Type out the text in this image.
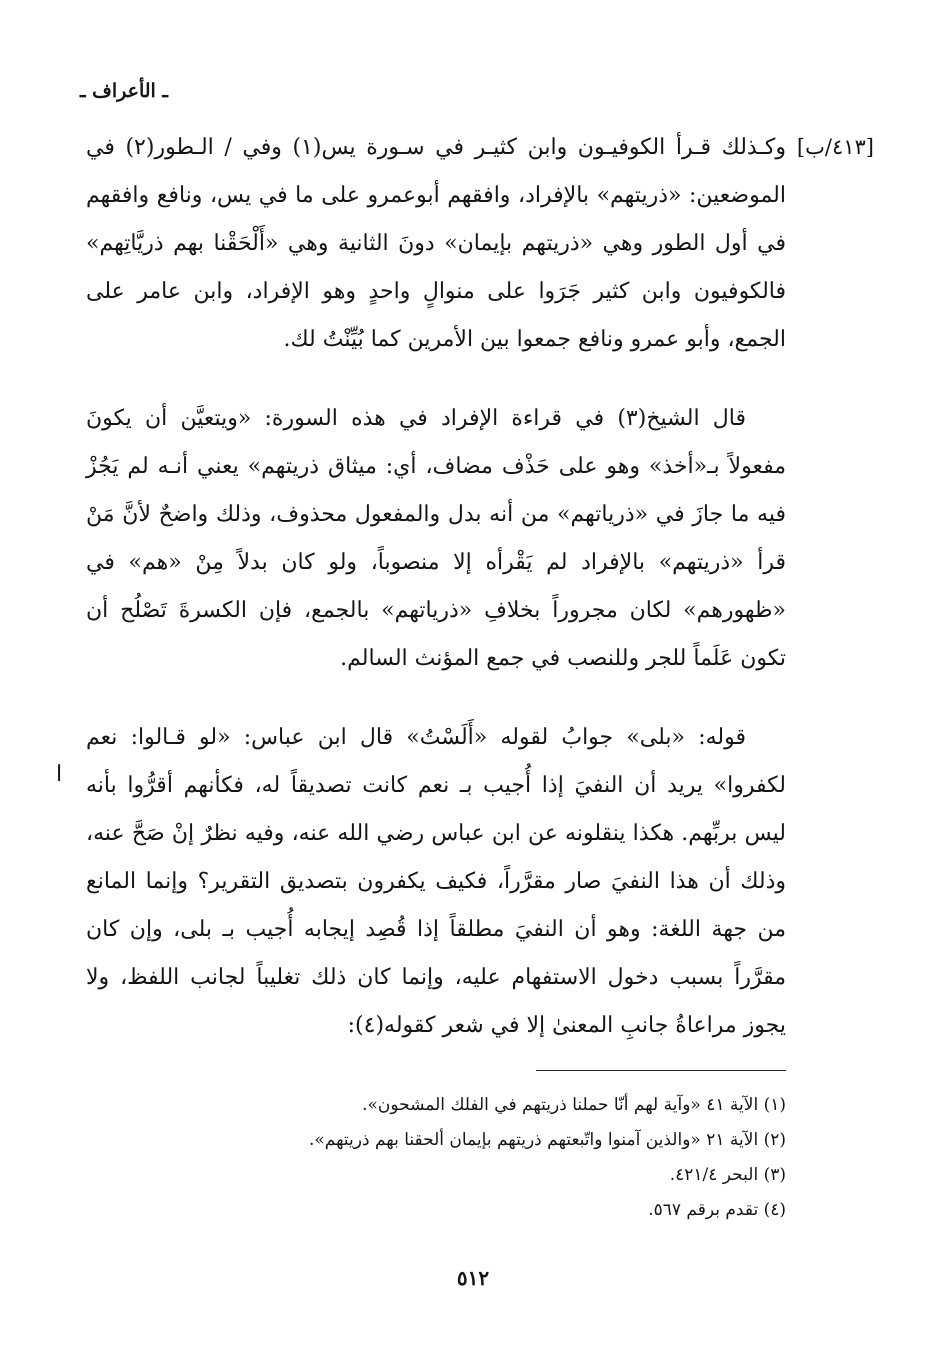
ـ الأعراف ـ
[٤١٣/ب]

وكـذلك قـرأ الكوفيـون وابن كثيـر في سـورة يس(١) وفي / الـطور(٢) في الموضعين: «ذريتهم» بالإفراد، وافقهم أبوعمرو على ما في يس، ونافع وافقهم في أول الطور وهي «ذريتهم بإيمان» دونَ الثانية وهي «أَلْحَقْنا بهم ذريَّاتِهم» فالكوفيون وابن كثير جَرَوا على منوالٍ واحدٍ وهو الإفراد، وابن عامر على الجمع، وأبو عمرو ونافع جمعوا بين الأمرين كما بُيِّنْتُ لك.

قال الشيخ(٣) في قراءة الإفراد في هذه السورة: «ويتعيَّن أن يكونَ مفعولاً بـ«أخذ» وهو على حَذْف مضاف، أي: ميثاق ذريتهم» يعني أنـه لم يَجُزْ فيه ما جازَ في «ذرياتهم» من أنه بدل والمفعول محذوف، وذلك واضحٌ لأنَّ مَنْ قرأ «ذريتهم» بالإفراد لم يَقْرأه إلا منصوباً، ولو كان بدلاً مِنْ «هم» في «ظهورهم» لكان مجروراً بخلافِ «ذرياتهم» بالجمع، فإن الكسرةَ تَصْلُح أن تكون عَلَماً للجر وللنصب في جمع المؤنث السالم.

قوله: «بلى» جوابُ لقوله «أَلَسْتُ» قال ابن عباس: «لو قـالوا: نعم لكفروا» يريد أن النفيَ إذا أُجيب بـ نعم كانت تصديقاً له، فكأنهم أقرُّوا بأنه ليس بربِّهم. هكذا ينقلونه عن ابن عباس رضي الله عنه، وفيه نظرٌ إنْ صَحَّ عنه، وذلك أن هذا النفيَ صار مقرَّراً، فكيف يكفرون بتصديق التقرير؟ وإنما المانع من جهة اللغة: وهو أن النفيَ مطلقاً إذا قُصِد إيجابه أُجيب بـ بلى، وإن كان مقرَّراً بسبب دخول الاستفهام عليه، وإنما كان ذلك تغليباً لجانب اللفظ، ولا يجوز مراعاةُ جانبِ المعنىٰ إلا في شعر كقوله(٤):

ا
(١) الآية ٤١ «وآية لهم أنّا حملنا ذريتهم في الفلك المشحون».
(٢) الآية ٢١ «والذين آمنوا واتّبعتهم ذريتهم بإيمان ألحقنا بهم ذريتهم».
(٣) البحر ٤٢١/٤.
(٤) تقدم برقم ٥٦٧.
٥١٢
